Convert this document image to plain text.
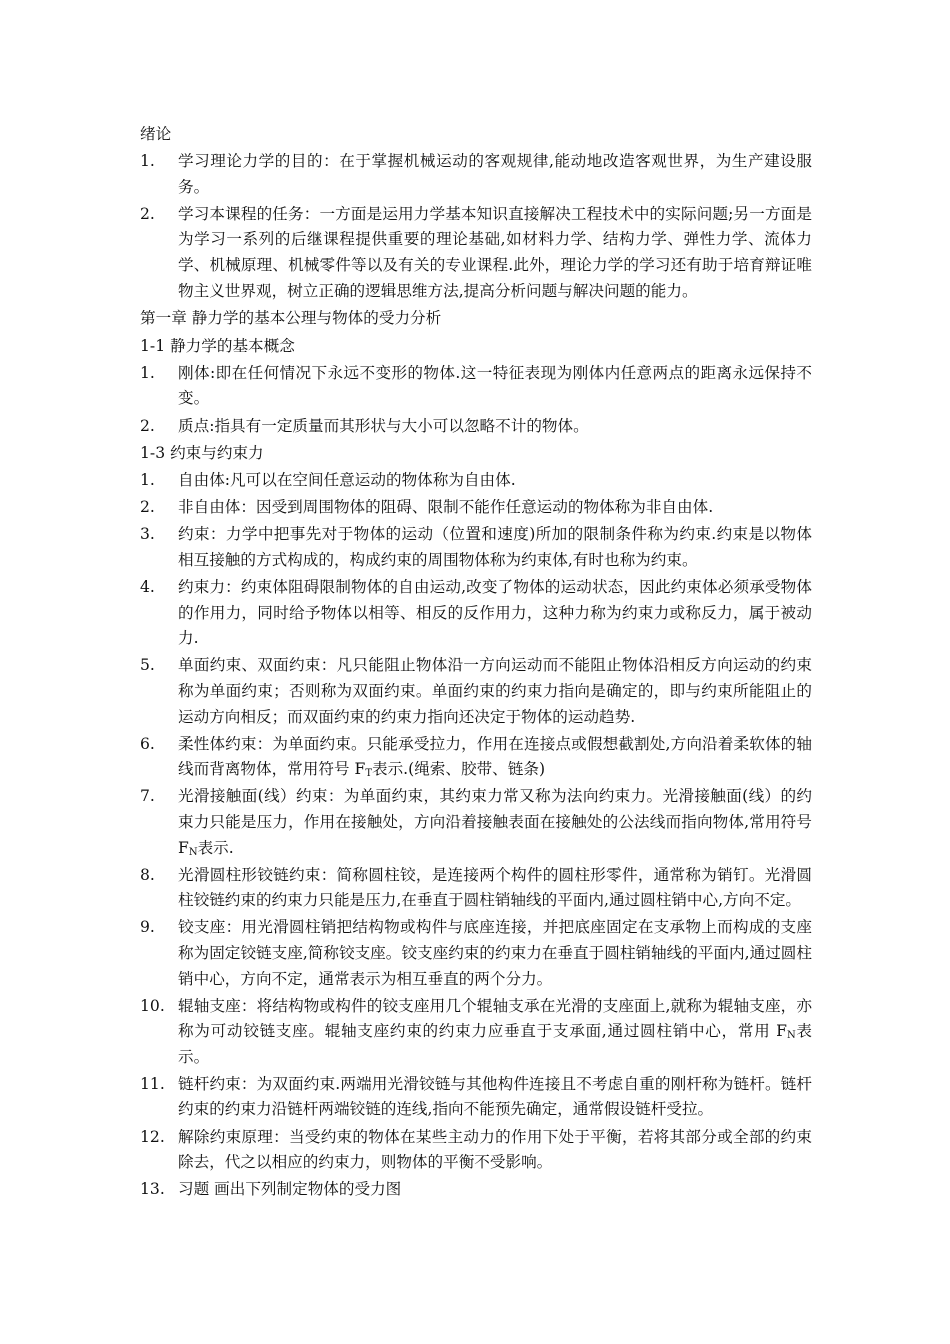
绪论
1. 学习理论力学的目的：在于掌握机械运动的客观规律,能动地改造客观世界，为生产建设服务。
2. 学习本课程的任务：一方面是运用力学基本知识直接解决工程技术中的实际问题;另一方面是为学习一系列的后继课程提供重要的理论基础,如材料力学、结构力学、弹性力学、流体力学、机械原理、机械零件等以及有关的专业课程.此外，理论力学的学习还有助于培育辩证唯物主义世界观，树立正确的逻辑思维方法,提高分析问题与解决问题的能力。
第一章 静力学的基本公理与物体的受力分析
1-1 静力学的基本概念
1. 刚体:即在任何情况下永远不变形的物体.这一特征表现为刚体内任意两点的距离永远保持不变。
2. 质点:指具有一定质量而其形状与大小可以忽略不计的物体。
1-3 约束与约束力
1. 自由体:凡可以在空间任意运动的物体称为自由体.
2. 非自由体：因受到周围物体的阻碍、限制不能作任意运动的物体称为非自由体.
3. 约束：力学中把事先对于物体的运动（位置和速度)所加的限制条件称为约束.约束是以物体相互接触的方式构成的，构成约束的周围物体称为约束体,有时也称为约束。
4. 约束力：约束体阻碍限制物体的自由运动,改变了物体的运动状态，因此约束体必须承受物体的作用力，同时给予物体以相等、相反的反作用力，这种力称为约束力或称反力，属于被动力.
5. 单面约束、双面约束：凡只能阻止物体沿一方向运动而不能阻止物体沿相反方向运动的约束称为单面约束；否则称为双面约束。单面约束的约束力指向是确定的，即与约束所能阻止的运动方向相反；而双面约束的约束力指向还决定于物体的运动趋势.
6. 柔性体约束：为单面约束。只能承受拉力，作用在连接点或假想截割处,方向沿着柔软体的轴线而背离物体，常用符号 $F_T$表示.(绳索、胶带、链条)
7. 光滑接触面(线）约束：为单面约束，其约束力常又称为法向约束力。光滑接触面(线）的约束力只能是压力，作用在接触处，方向沿着接触表面在接触处的公法线而指向物体,常用符号 $F_N$表示.
8. 光滑圆柱形铰链约束：简称圆柱铰，是连接两个构件的圆柱形零件，通常称为销钉。光滑圆柱铰链约束的约束力只能是压力,在垂直于圆柱销轴线的平面内,通过圆柱销中心,方向不定。
9. 铰支座：用光滑圆柱销把结构物或构件与底座连接，并把底座固定在支承物上而构成的支座称为固定铰链支座,简称铰支座。铰支座约束的约束力在垂直于圆柱销轴线的平面内,通过圆柱销中心，方向不定，通常表示为相互垂直的两个分力。
10. 辊轴支座：将结构物或构件的铰支座用几个辊轴支承在光滑的支座面上,就称为辊轴支座，亦称为可动铰链支座。辊轴支座约束的约束力应垂直于支承面,通过圆柱销中心，常用 $F_N$表示。
11. 链杆约束：为双面约束.两端用光滑铰链与其他构件连接且不考虑自重的刚杆称为链杆。链杆约束的约束力沿链杆两端铰链的连线,指向不能预先确定，通常假设链杆受拉。
12. 解除约束原理：当受约束的物体在某些主动力的作用下处于平衡，若将其部分或全部的约束除去，代之以相应的约束力，则物体的平衡不受影响。
13. 习题 画出下列制定物体的受力图
